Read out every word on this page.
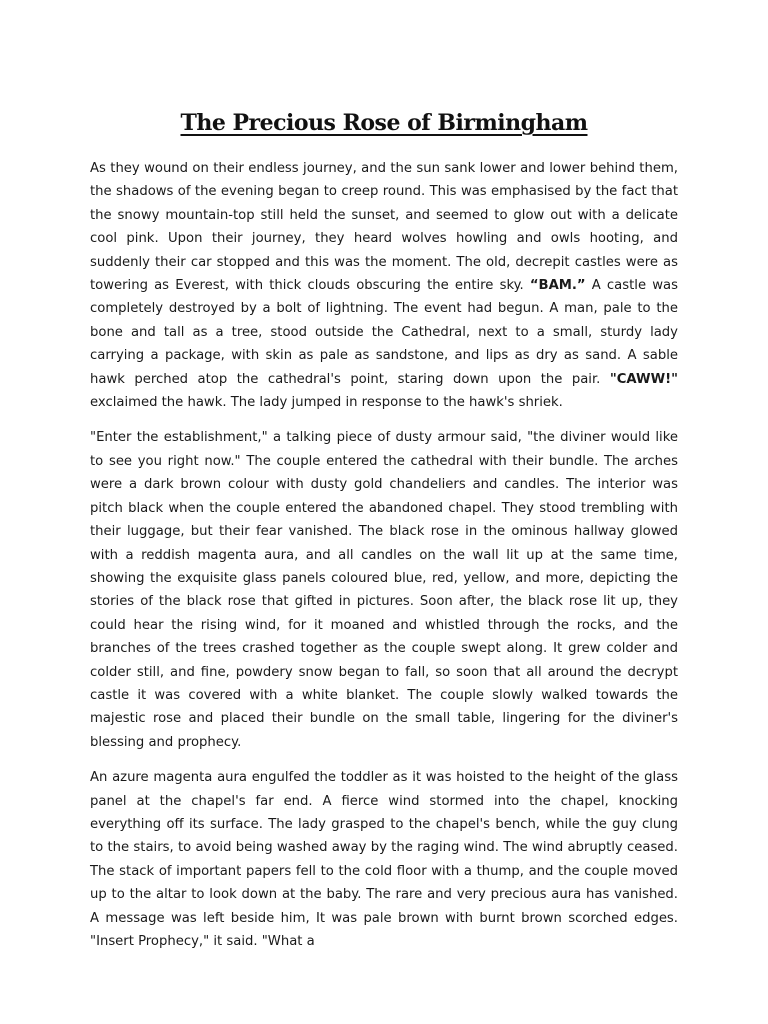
The Precious Rose of Birmingham

As they wound on their endless journey, and the sun sank lower and lower behind them, the shadows of the evening began to creep round. This was emphasised by the fact that the snowy mountain-top still held the sunset, and seemed to glow out with a delicate cool pink. Upon their journey, they heard wolves howling and owls hooting, and suddenly their car stopped and this was the moment. The old, decrepit castles were as towering as Everest, with thick clouds obscuring the entire sky. “BAM.” A castle was completely destroyed by a bolt of lightning. The event had begun. A man, pale to the bone and tall as a tree, stood outside the Cathedral, next to a small, sturdy lady carrying a package, with skin as pale as sandstone, and lips as dry as sand. A sable hawk perched atop the cathedral's point, staring down upon the pair. "CAWW!" exclaimed the hawk. The lady jumped in response to the hawk's shriek.

"Enter the establishment," a talking piece of dusty armour said, "the diviner would like to see you right now." The couple entered the cathedral with their bundle. The arches were a dark brown colour with dusty gold chandeliers and candles. The interior was pitch black when the couple entered the abandoned chapel. They stood trembling with their luggage, but their fear vanished. The black rose in the ominous hallway glowed with a reddish magenta aura, and all candles on the wall lit up at the same time, showing the exquisite glass panels coloured blue, red, yellow, and more, depicting the stories of the black rose that gifted in pictures. Soon after, the black rose lit up, they could hear the rising wind, for it moaned and whistled through the rocks, and the branches of the trees crashed together as the couple swept along. It grew colder and colder still, and fine, powdery snow began to fall, so soon that all around the decrypt castle it was covered with a white blanket. The couple slowly walked towards the majestic rose and placed their bundle on the small table, lingering for the diviner's blessing and prophecy.

An azure magenta aura engulfed the toddler as it was hoisted to the height of the glass panel at the chapel's far end. A fierce wind stormed into the chapel, knocking everything off its surface. The lady grasped to the chapel's bench, while the guy clung to the stairs, to avoid being washed away by the raging wind. The wind abruptly ceased. The stack of important papers fell to the cold floor with a thump, and the couple moved up to the altar to look down at the baby. The rare and very precious aura has vanished. A message was left beside him, It was pale brown with burnt brown scorched edges. "Insert Prophecy," it said. "What a
